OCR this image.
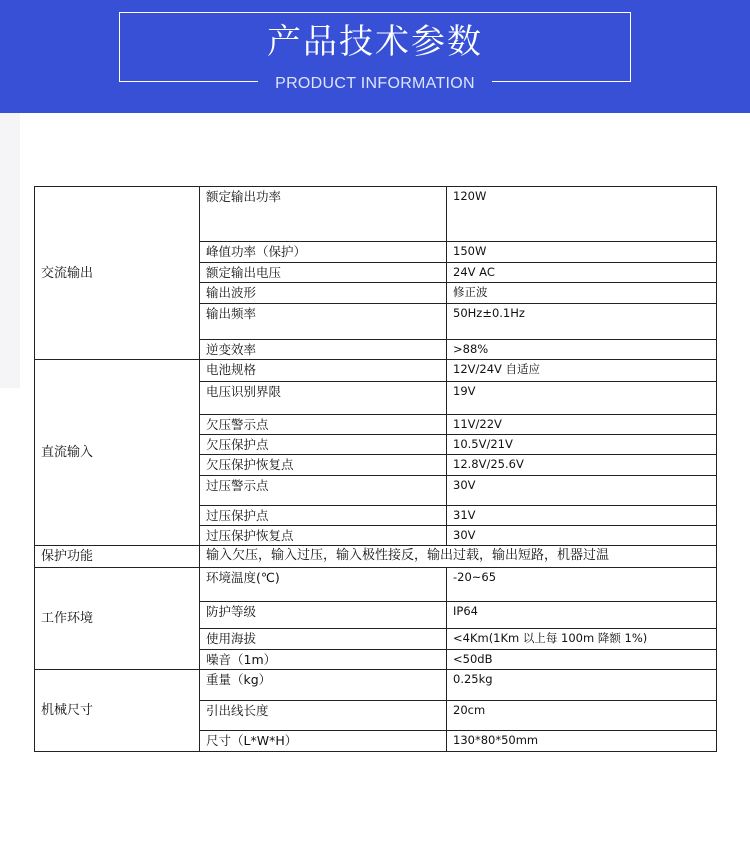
产品技术参数
PRODUCT INFORMATION
交流输出	额定输出功率	120W
	峰值功率（保护）	150W
	额定输出电压	24V AC
	输出波形	修正波
	输出频率	50Hz±0.1Hz
	逆变效率	>88%
直流输入	电池规格	12V/24V 自适应
	电压识别界限	19V
	欠压警示点	11V/22V
	欠压保护点	10.5V/21V
	欠压保护恢复点	12.8V/25.6V
	过压警示点	30V
	过压保护点	31V
	过压保护恢复点	30V
保护功能	输入欠压，输入过压，输入极性接反，输出过载，输出短路，机器过温	
工作环境	环境温度(℃)	-20~65
	防护等级	IP64
	使用海拔	<4Km(1Km 以上每 100m 降额 1%)
	噪音（1m）	<50dB
机械尺寸	重量（kg）	0.25kg
	引出线长度	20cm
	尺寸（L*W*H）	130*80*50mm
